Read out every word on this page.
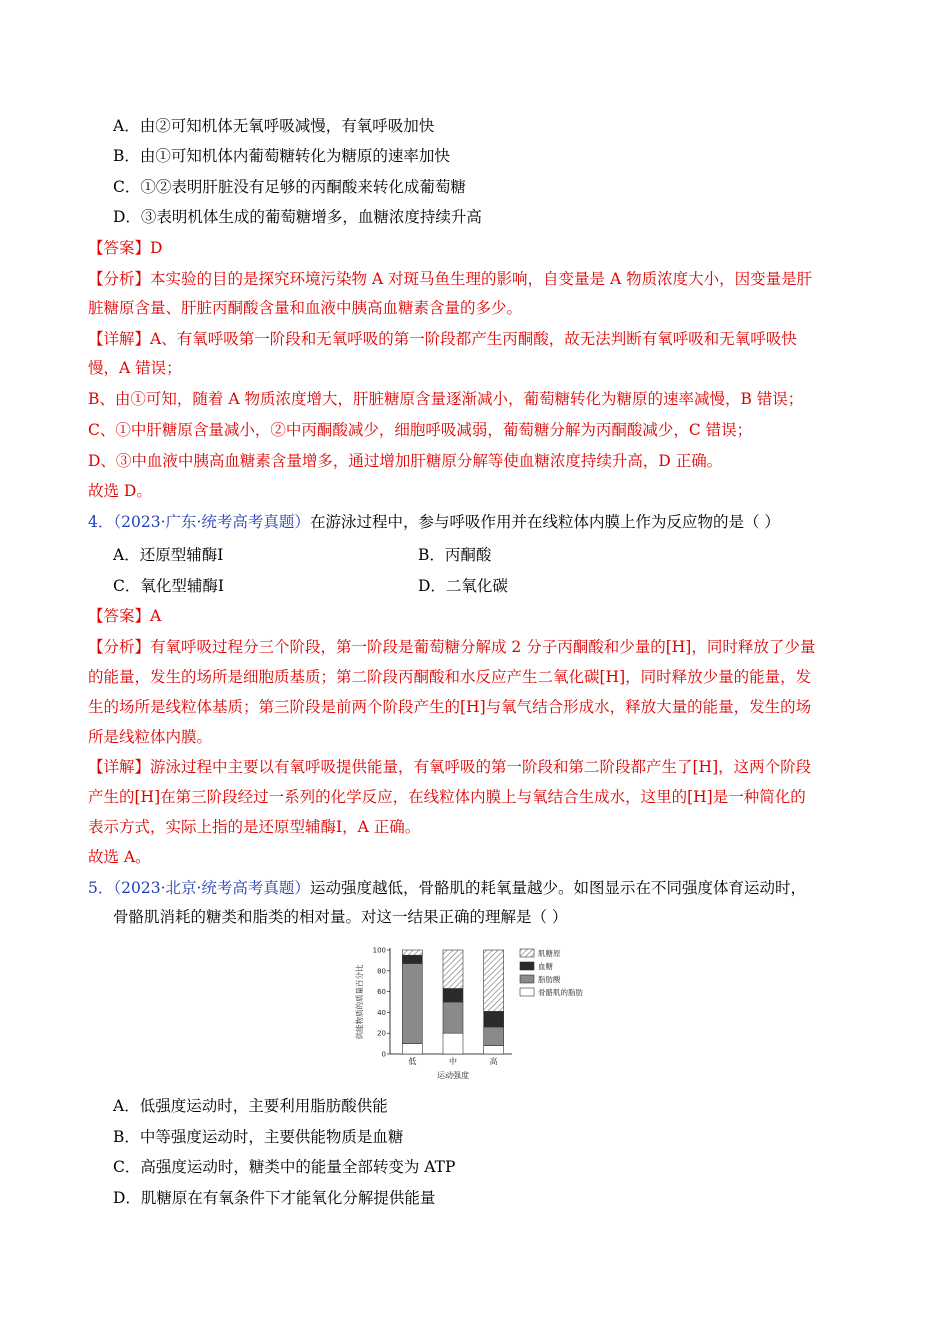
A．由②可知机体无氧呼吸减慢，有氧呼吸加快
B．由①可知机体内葡萄糖转化为糖原的速率加快
C．①②表明肝脏没有足够的丙酮酸来转化成葡萄糖
D．③表明机体生成的葡萄糖增多，血糖浓度持续升高
【答案】D
【分析】本实验的目的是探究环境污染物 A 对斑马鱼生理的影响，自变量是 A 物质浓度大小，因变量是肝
脏糖原含量、肝脏丙酮酸含量和血液中胰高血糖素含量的多少。
【详解】A、有氧呼吸第一阶段和无氧呼吸的第一阶段都产生丙酮酸，故无法判断有氧呼吸和无氧呼吸快
慢，A 错误；
B、由①可知，随着 A 物质浓度增大，肝脏糖原含量逐渐减小，葡萄糖转化为糖原的速率减慢，B 错误；
C、①中肝糖原含量减小，②中丙酮酸减少，细胞呼吸减弱，葡萄糖分解为丙酮酸减少，C 错误；
D、③中血液中胰高血糖素含量增多，通过增加肝糖原分解等使血糖浓度持续升高，D 正确。
故选 D。
4．（2023·广东·统考高考真题）在游泳过程中，参与呼吸作用并在线粒体内膜上作为反应物的是（ ）
A．还原型辅酶Ⅰ	B．丙酮酸
C．氧化型辅酶Ⅰ	D．二氧化碳
【答案】A
【分析】有氧呼吸过程分三个阶段，第一阶段是葡萄糖分解成 2 分子丙酮酸和少量的[H]，同时释放了少量
的能量，发生的场所是细胞质基质；第二阶段丙酮酸和水反应产生二氧化碳[H]，同时释放少量的能量，发
生的场所是线粒体基质；第三阶段是前两个阶段产生的[H]与氧气结合形成水，释放大量的能量，发生的场
所是线粒体内膜。
【详解】游泳过程中主要以有氧呼吸提供能量，有氧呼吸的第一阶段和第二阶段都产生了[H]，这两个阶段
产生的[H]在第三阶段经过一系列的化学反应，在线粒体内膜上与氧结合生成水，这里的[H]是一种简化的
表示方式，实际上指的是还原型辅酶Ⅰ，A 正确。
故选 A。
5．（2023·北京·统考高考真题）运动强度越低，骨骼肌的耗氧量越少。如图显示在不同强度体育运动时，
骨骼肌消耗的糖类和脂类的相对量。对这一结果正确的理解是（ ）
0
20
40
60
80
100
供能物质的质量百分比
低	中	高
运动强度
肌糖原
血糖
脂肪酸
骨骼肌的脂肪
A．低强度运动时，主要利用脂肪酸供能
B．中等强度运动时，主要供能物质是血糖
C．高强度运动时，糖类中的能量全部转变为 ATP
D．肌糖原在有氧条件下才能氧化分解提供能量
